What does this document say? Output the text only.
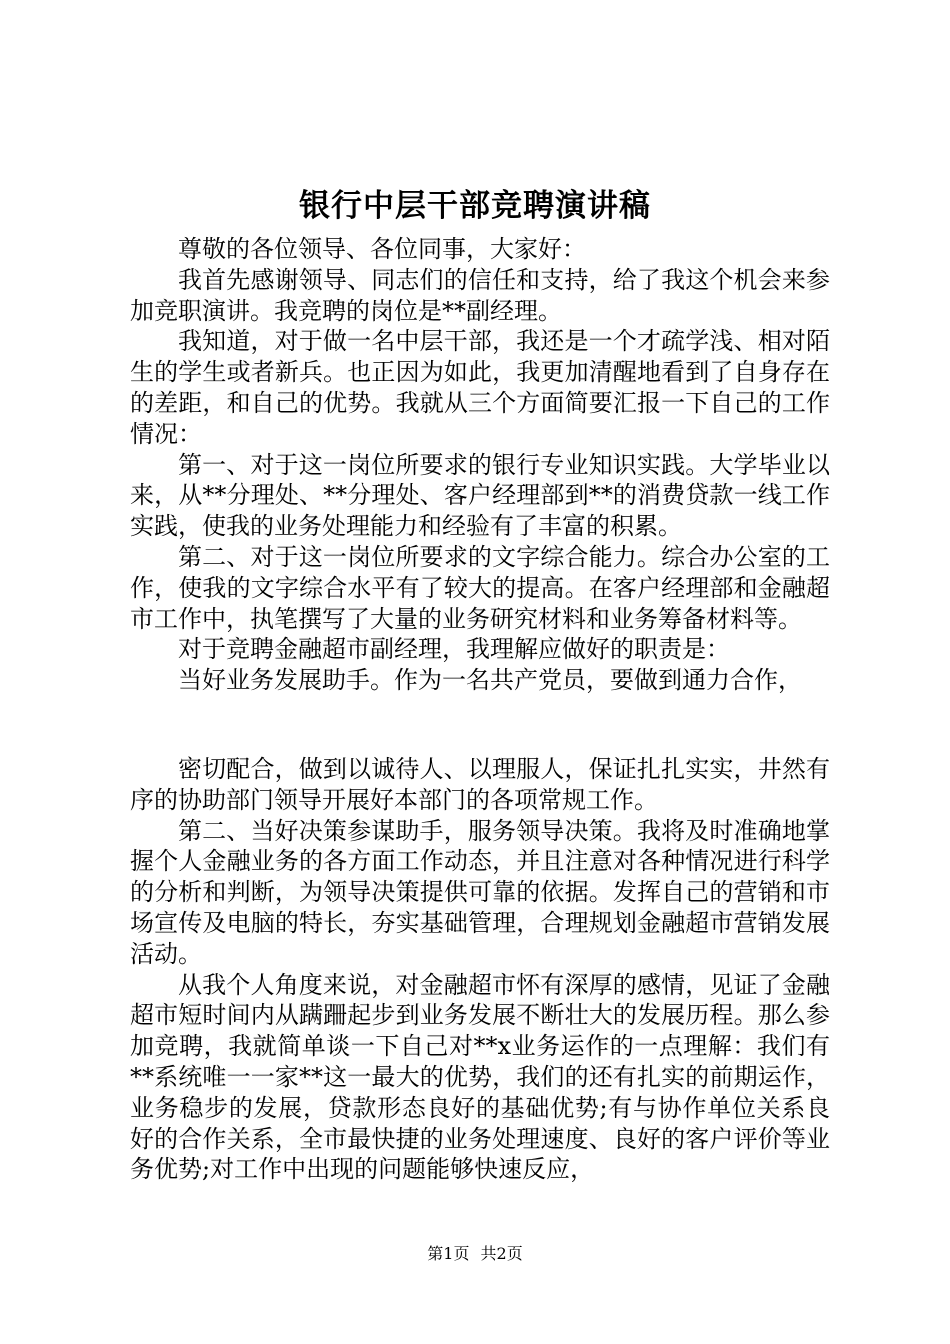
银行中层干部竞聘演讲稿

尊敬的各位领导、各位同事，大家好：

我首先感谢领导、同志们的信任和支持，给了我这个机会来参加竞职演讲。我竞聘的岗位是**副经理。

我知道，对于做一名中层干部，我还是一个才疏学浅、相对陌生的学生或者新兵。也正因为如此，我更加清醒地看到了自身存在的差距，和自己的优势。我就从三个方面简要汇报一下自己的工作情况：

第一、对于这一岗位所要求的银行专业知识实践。大学毕业以来，从**分理处、**分理处、客户经理部到**的消费贷款一线工作实践，使我的业务处理能力和经验有了丰富的积累。

第二、对于这一岗位所要求的文字综合能力。综合办公室的工作，使我的文字综合水平有了较大的提高。在客户经理部和金融超市工作中，执笔撰写了大量的业务研究材料和业务筹备材料等。

对于竞聘金融超市副经理，我理解应做好的职责是：

当好业务发展助手。作为一名共产党员，要做到通力合作，

密切配合，做到以诚待人、以理服人，保证扎扎实实，井然有序的协助部门领导开展好本部门的各项常规工作。

第二、当好决策参谋助手，服务领导决策。我将及时准确地掌握个人金融业务的各方面工作动态，并且注意对各种情况进行科学的分析和判断，为领导决策提供可靠的依据。发挥自己的营销和市场宣传及电脑的特长，夯实基础管理，合理规划金融超市营销发展活动。

从我个人角度来说，对金融超市怀有深厚的感情，见证了金融超市短时间内从蹒跚起步到业务发展不断壮大的发展历程。那么参加竞聘，我就简单谈一下自己对**x业务运作的一点理解：我们有**系统唯一一家**这一最大的优势，我们的还有扎实的前期运作，业务稳步的发展，贷款形态良好的基础优势;有与协作单位关系良好的合作关系，全市最快捷的业务处理速度、良好的客户评价等业务优势;对工作中出现的问题能够快速反应，

第1页 共2页
